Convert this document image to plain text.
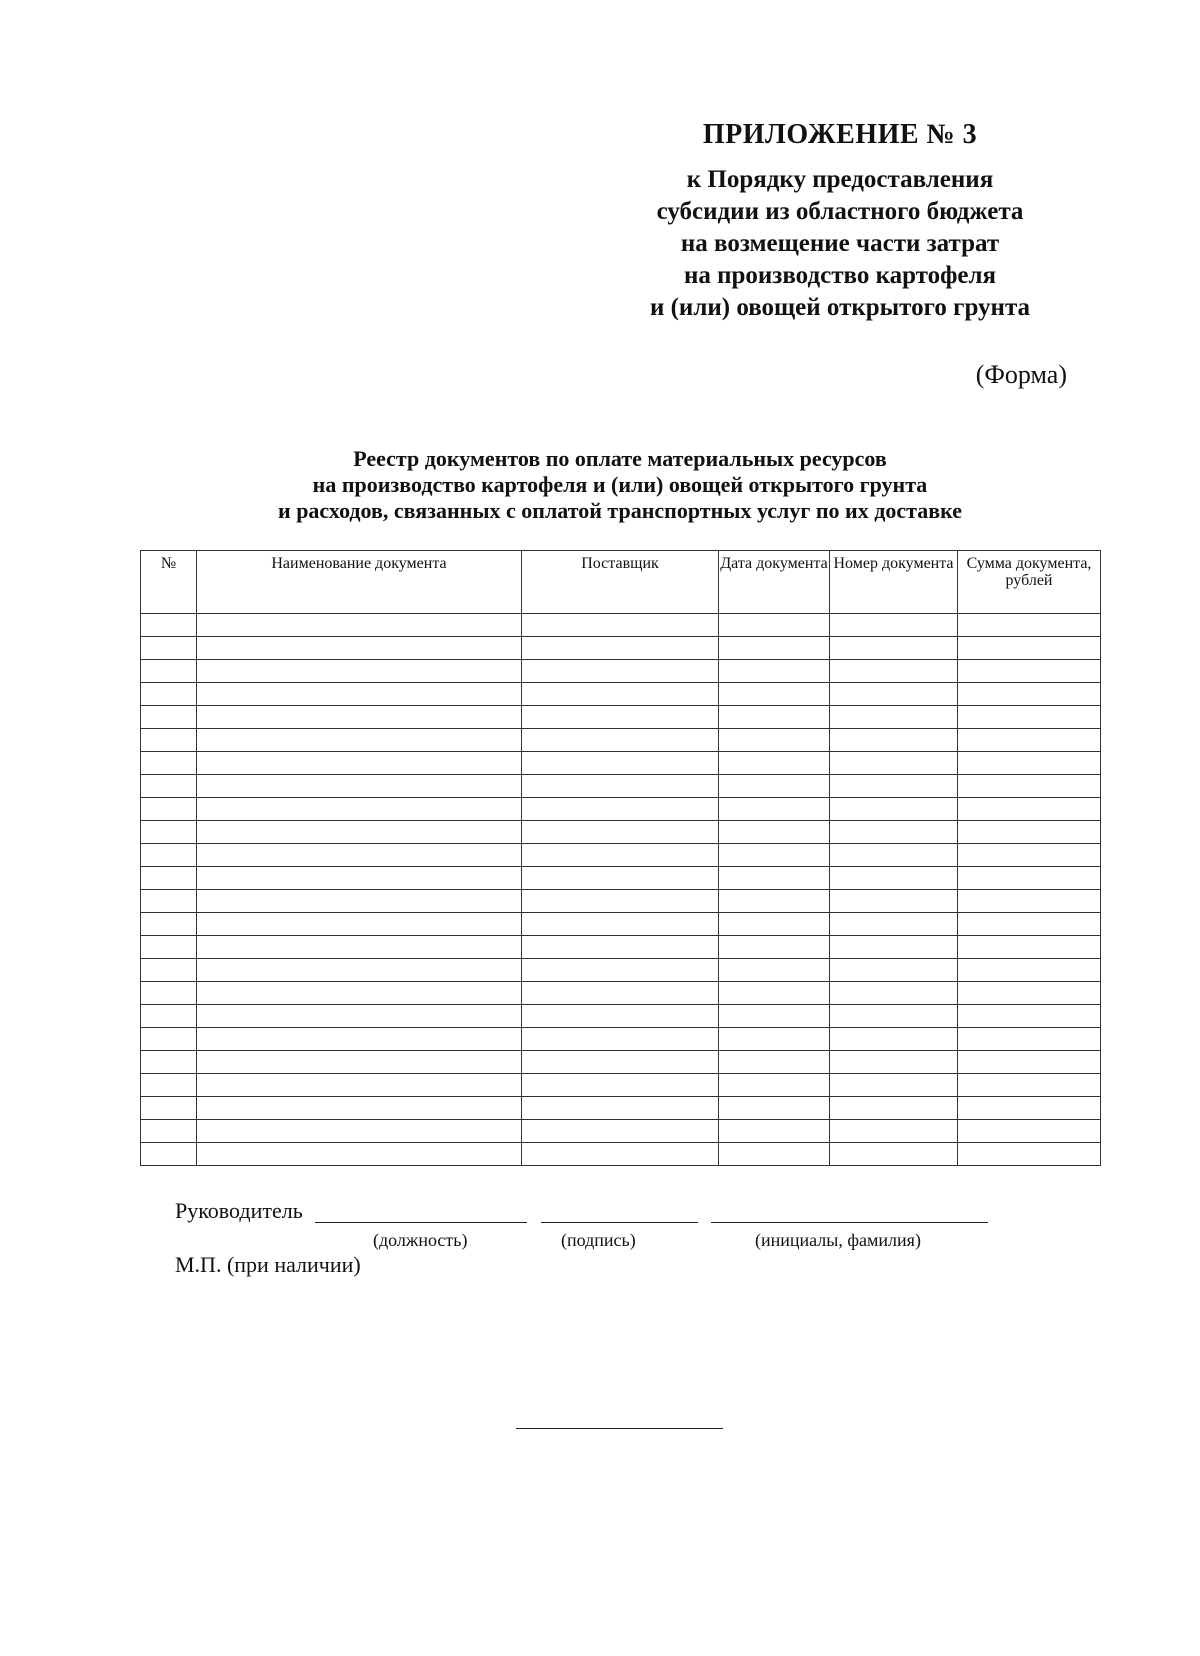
ПРИЛОЖЕНИЕ № 3
к Порядку предоставления
субсидии из областного бюджета
на возмещение части затрат
на производство картофеля
и (или) овощей открытого грунта
(Форма)
Реестр документов по оплате материальных ресурсов
на производство картофеля и (или) овощей открытого грунта
и расходов, связанных с оплатой транспортных услуг по их доставке
№	Наименование документа	Поставщик	Дата документа	Номер документа	Сумма документа, рублей

Руководитель
(должность)	(подпись)	(инициалы, фамилия)
М.П. (при наличии)
